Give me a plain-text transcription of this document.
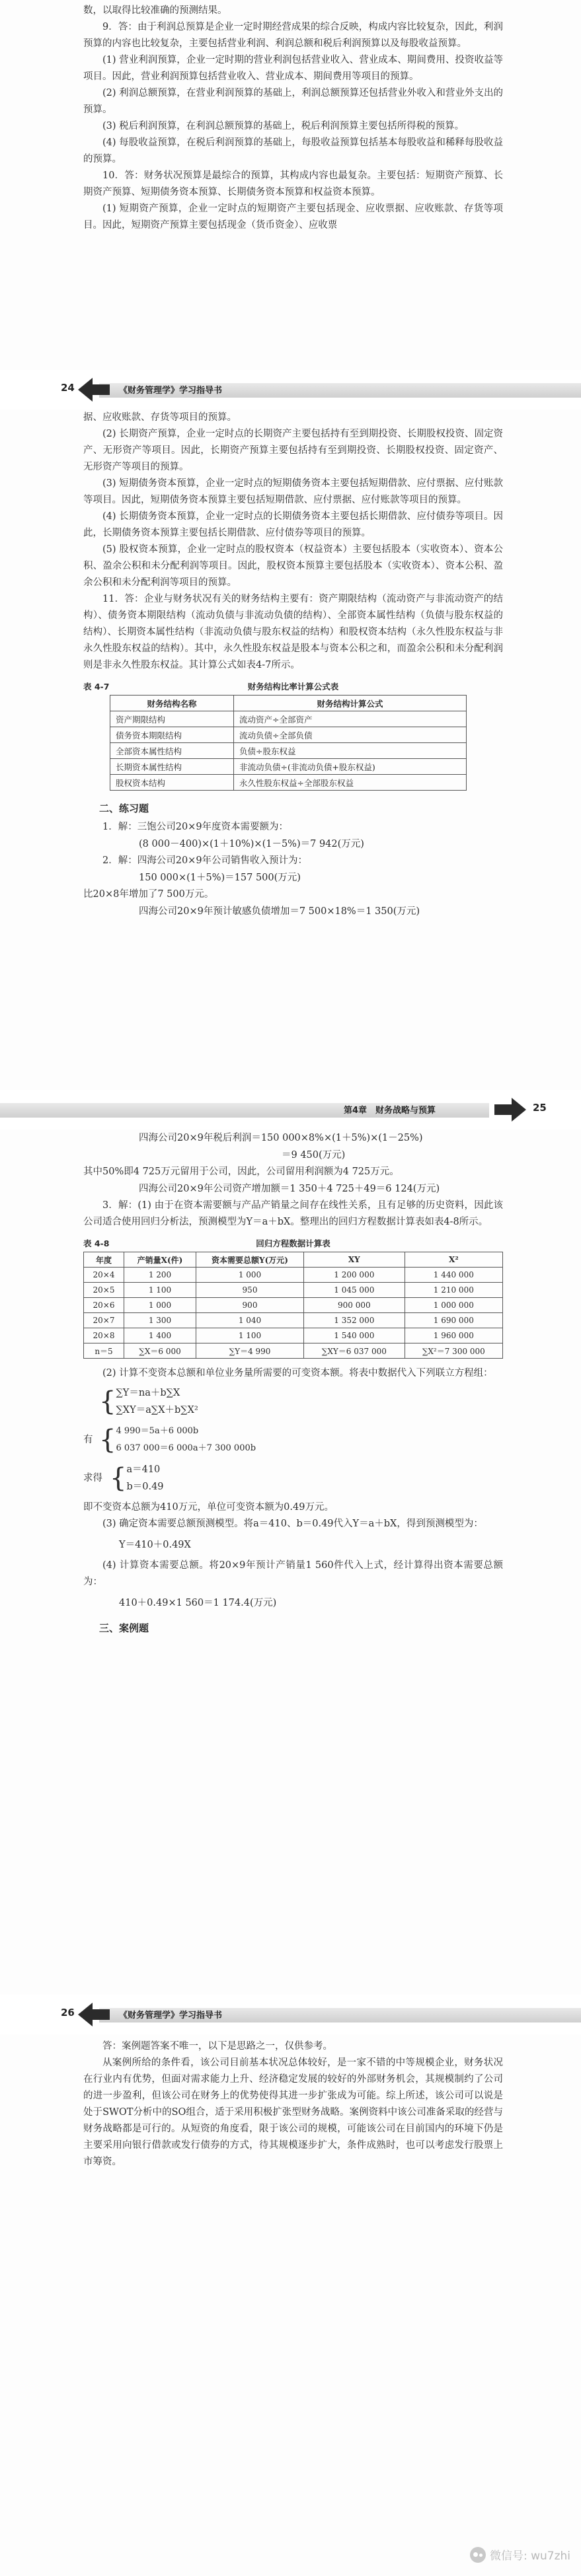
数，以取得比较准确的预测结果。

9．答：由于利润总预算是企业一定时期经营成果的综合反映，构成内容比较复杂，因此，利润预算的内容也比较复杂，主要包括营业利润、利润总额和税后利润预算以及每股收益预算。

(1) 营业利润预算，企业一定时期的营业利润包括营业收入、营业成本、期间费用、投资收益等项目。因此，营业利润预算包括营业收入、营业成本、期间费用等项目的预算。

(2) 利润总额预算，在营业利润预算的基础上，利润总额预算还包括营业外收入和营业外支出的预算。

(3) 税后利润预算，在利润总额预算的基础上，税后利润预算主要包括所得税的预算。

(4) 每股收益预算，在税后利润预算的基础上，每股收益预算包括基本每股收益和稀释每股收益的预算。

10．答：财务状况预算是最综合的预算，其构成内容也最复杂。主要包括：短期资产预算、长期资产预算、短期债务资本预算、长期债务资本预算和权益资本预算。

(1) 短期资产预算，企业一定时点的短期资产主要包括现金、应收票据、应收账款、存货等项目。因此，短期资产预算主要包括现金（货币资金）、应收票

24	《财务管理学》学习指导书

据、应收账款、存货等项目的预算。

(2) 长期资产预算，企业一定时点的长期资产主要包括持有至到期投资、长期股权投资、固定资产、无形资产等项目。因此，长期资产预算主要包括持有至到期投资、长期股权投资、固定资产、无形资产等项目的预算。

(3) 短期债务资本预算，企业一定时点的短期债务资本主要包括短期借款、应付票据、应付账款等项目。因此，短期债务资本预算主要包括短期借款、应付票据、应付账款等项目的预算。

(4) 长期债务资本预算，企业一定时点的长期债务资本主要包括长期借款、应付债券等项目。因此，长期债务资本预算主要包括长期借款、应付债券等项目的预算。

(5) 股权资本预算，企业一定时点的股权资本（权益资本）主要包括股本（实收资本）、资本公积、盈余公积和未分配利润等项目。因此，股权资本预算主要包括股本（实收资本）、资本公积、盈余公积和未分配利润等项目的预算。

11．答：企业与财务状况有关的财务结构主要有：资产期限结构（流动资产与非流动资产的结构）、债务资本期限结构（流动负债与非流动负债的结构）、全部资本属性结构（负债与股东权益的结构）、长期资本属性结构（非流动负债与股东权益的结构）和股权资本结构（永久性股东权益与非永久性股东权益的结构）。其中，永久性股东权益是股本与资本公积之和，而盈余公积和未分配利润则是非永久性股东权益。其计算公式如表4-7所示。

表 4-7	财务结构比率计算公式表
财务结构名称	财务结构计算公式
资产期限结构	流动资产÷全部资产
债务资本期限结构	流动负债÷全部负债
全部资本属性结构	负债÷股东权益
长期资本属性结构	非流动负债÷(非流动负债+股东权益)
股权资本结构	永久性股东权益÷全部股东权益
二、练习题

1．解：三饱公司20×9年度资本需要额为：

(8 000－400)×(1＋10%)×(1－5%)＝7 942(万元)

2．解：四海公司20×9年公司销售收入预计为：

150 000×(1＋5%)＝157 500(万元)

比20×8年增加了7 500万元。

四海公司20×9年预计敏感负债增加＝7 500×18%＝1 350(万元)

第4章　财务战略与预算	25

四海公司20×9年税后利润＝150 000×8%×(1＋5%)×(1－25%)

＝9 450(万元)

其中50%即4 725万元留用于公司，因此，公司留用利润额为4 725万元。

四海公司20×9年公司资产增加额＝1 350＋4 725＋49＝6 124(万元)

3．解：(1) 由于在资本需要额与产品产销量之间存在线性关系，且有足够的历史资料，因此该公司适合使用回归分析法，预测模型为Y＝a＋bX。整理出的回归方程数据计算表如表4-8所示。

表 4-8	回归方程数据计算表
年度	产销量X(件)	资本需要总额Y(万元)	XY	X²
20×4	1 200	1 000	1 200 000	1 440 000
20×5	1 100	950	1 045 000	1 210 000
20×6	1 000	900	900 000	1 000 000
20×7	1 300	1 040	1 352 000	1 690 000
20×8	1 400	1 100	1 540 000	1 960 000
n＝5	∑X＝6 000	∑Y＝4 990	∑XY＝6 037 000	∑X²＝7 300 000

(2) 计算不变资本总额和单位业务量所需要的可变资本额。将表中数据代入下列联立方程组：

{ ∑Y＝na＋b∑X
∑XY＝a∑X＋b∑X²
有 { 4 990＝5a＋6 000b
6 037 000＝6 000a＋7 300 000b
求得 { a＝410
b＝0.49

即不变资本总额为410万元，单位可变资本额为0.49万元。

(3) 确定资本需要总额预测模型。将a＝410、b＝0.49代入Y＝a＋bX，得到预测模型为：

Y＝410＋0.49X

(4) 计算资本需要总额。将20×9年预计产销量1 560件代入上式，经计算得出资本需要总额为：

410＋0.49×1 560＝1 174.4(万元)

三、案例题
26	《财务管理学》学习指导书

答：案例题答案不唯一，以下是思路之一，仅供参考。

从案例所给的条件看，该公司目前基本状况总体较好，是一家不错的中等规模企业，财务状况在行业内有优势，但面对需求能力上升、经济稳定发展的较好的外部财务机会，其规模制约了公司的进一步盈利，但该公司在财务上的优势使得其进一步扩张成为可能。综上所述，该公司可以说是处于SWOT分析中的SO组合，适于采用积极扩张型财务战略。案例资料中该公司准备采取的经营与财务战略都是可行的。从短资的角度看，限于该公司的规模，可能该公司在目前国内的环境下仍是主要采用向银行借款或发行债券的方式，待其规模逐步扩大，条件成熟时，也可以考虑发行股票上市筹资。

微信号: wu7zhi
